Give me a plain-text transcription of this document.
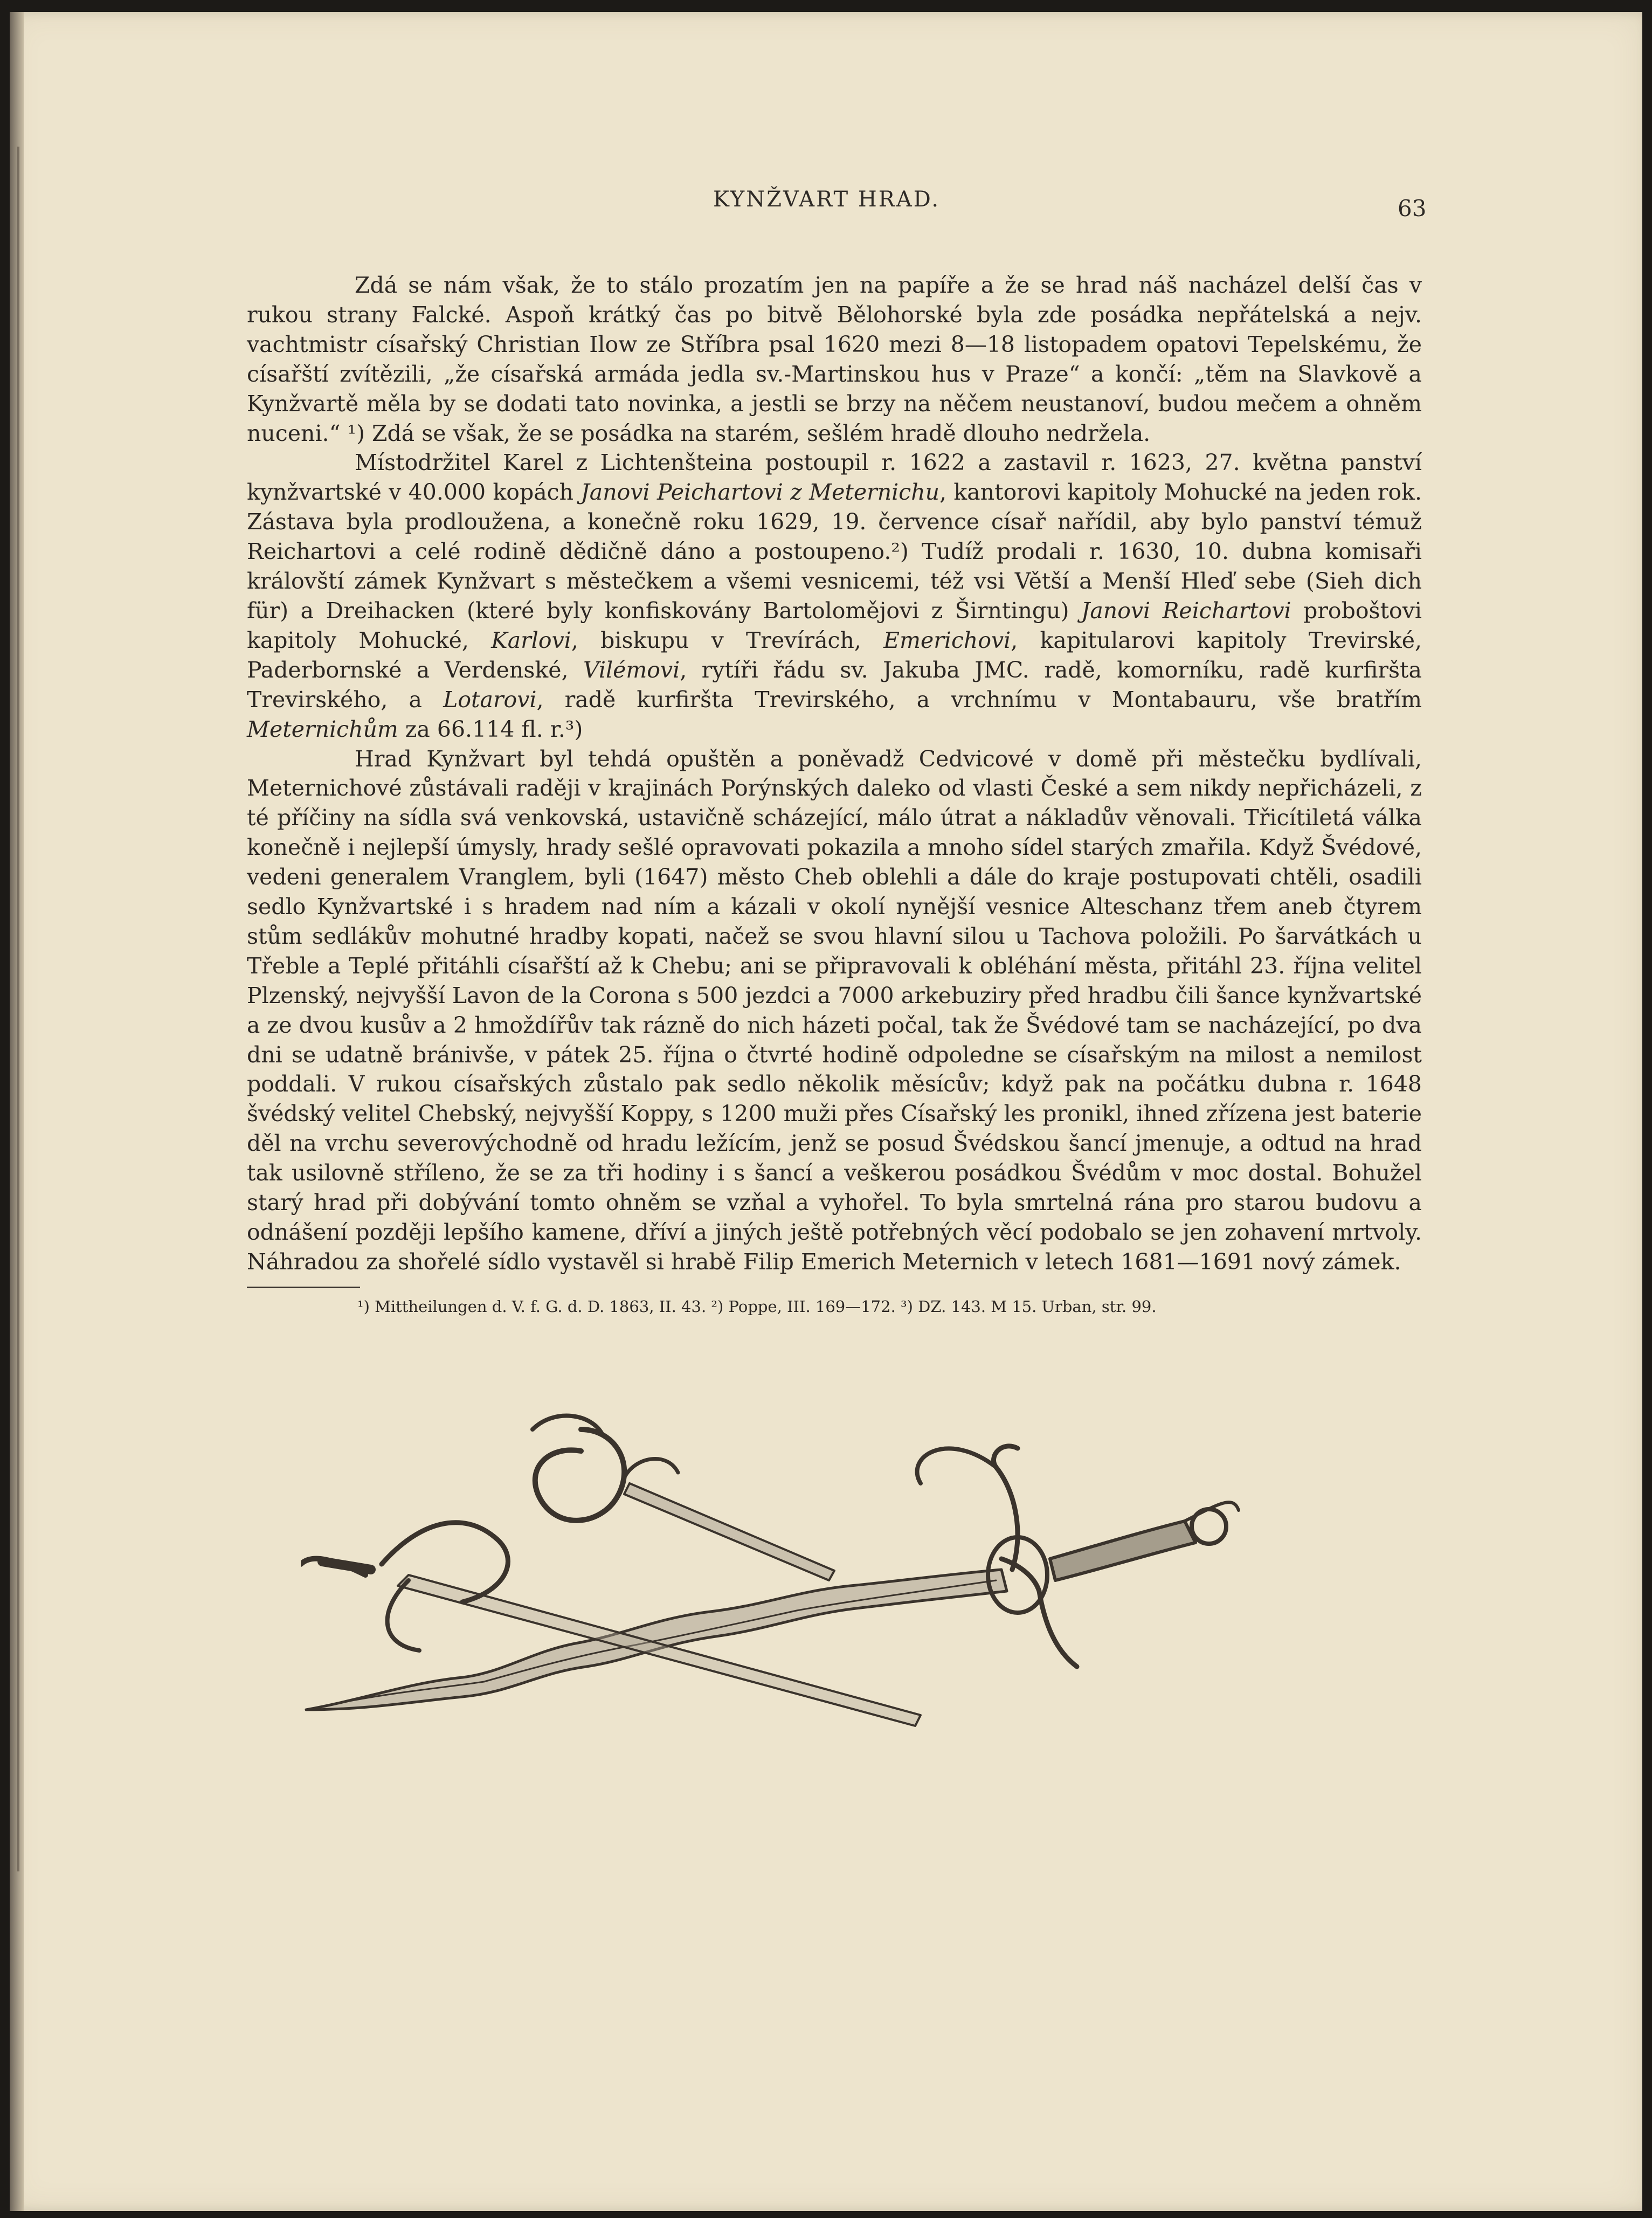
KYNŽVART HRAD.	63

Zdá se nám však, že to stálo prozatím jen na papíře a že se hrad náš nacházel delší čas v rukou strany Falcké. Aspoň krátký čas po bitvě Bělohorské byla zde posádka nepřátelská a nejv. vachtmistr císařský Christian Ilow ze Stříbra psal 1620 mezi 8—18 listopadem opatovi Tepelskému, že císařští zvítězili, „že císařská armáda jedla sv.-Martinskou hus v Praze“ a končí: „těm na Slavkově a Kynžvartě měla by se dodati tato novinka, a jestli se brzy na něčem neustanoví, budou mečem a ohněm nuceni.“ ¹) Zdá se však, že se posádka na starém, sešlém hradě dlouho nedržela.

Místodržitel Karel z Lichtenšteina postoupil r. 1622 a zastavil r. 1623, 27. května panství kynžvartské v 40.000 kopách Janovi Peichartovi z Meternichu, kantorovi kapitoly Mohucké na jeden rok. Zástava byla prodloužena, a konečně roku 1629, 19. července císař nařídil, aby bylo panství témuž Reichartovi a celé rodině dědičně dáno a postoupeno.²) Tudíž prodali r. 1630, 10. dubna komisaři královští zámek Kynžvart s městečkem a všemi vesnicemi, též vsi Větší a Menší Hleď sebe (Sieh dich für) a Dreihacken (které byly konfiskovány Bartolomějovi z Širntingu) Janovi Reichartovi proboštovi kapitoly Mohucké, Karlovi, biskupu v Trevírách, Emerichovi, kapitularovi kapitoly Trevirské, Paderbornské a Verdenské, Vilémovi, rytíři řádu sv. Jakuba JMC. radě, komorníku, radě kurfiršta Trevirského, a Lotarovi, radě kurfiršta Trevirského, a vrchnímu v Montabauru, vše bratřím Meternichům za 66.114 fl. r.³)

Hrad Kynžvart byl tehdá opuštěn a poněvadž Cedvicové v domě při městečku bydlívali, Meternichové zůstávali raději v krajinách Porýnských daleko od vlasti České a sem nikdy nepřicházeli, z té příčiny na sídla svá venkovská, ustavičně scházející, málo útrat a nákladův věnovali. Třicítiletá válka konečně i nejlepší úmysly, hrady sešlé opravovati pokazila a mnoho sídel starých zmařila. Když Švédové, vedeni generalem Vranglem, byli (1647) město Cheb oblehli a dále do kraje postupovati chtěli, osadili sedlo Kynžvartské i s hradem nad ním a kázali v okolí nynější vesnice Alteschanz třem aneb čtyrem stům sedlákův mohutné hradby kopati, načež se svou hlavní silou u Tachova položili. Po šarvátkách u Třeble a Teplé přitáhli císařští až k Chebu; ani se připravovali k obléhání města, přitáhl 23. října velitel Plzenský, nejvyšší Lavon de la Corona s 500 jezdci a 7000 arkebuziry před hradbu čili šance kynžvartské a ze dvou kusův a 2 hmoždířův tak rázně do nich házeti počal, tak že Švédové tam se nacházející, po dva dni se udatně bránivše, v pátek 25. října o čtvrté hodině odpoledne se císařským na milost a nemilost poddali. V rukou císařských zůstalo pak sedlo několik měsícův; když pak na počátku dubna r. 1648 švédský velitel Chebský, nejvyšší Koppy, s 1200 muži přes Císařský les pronikl, ihned zřízena jest baterie děl na vrchu severovýchodně od hradu ležícím, jenž se posud Švédskou šancí jmenuje, a odtud na hrad tak usilovně stříleno, že se za tři hodiny i s šancí a veškerou posádkou Švédům v moc dostal. Bohužel starý hrad při dobývání tomto ohněm se vzňal a vyhořel. To byla smrtelná rána pro starou budovu a odnášení později lepšího kamene, dříví a jiných ještě potřebných věcí podobalo se jen zohavení mrtvoly. Náhradou za shořelé sídlo vystavěl si hrabě Filip Emerich Meternich v letech 1681—1691 nový zámek.

¹) Mittheilungen d. V. f. G. d. D. 1863, II. 43. ²) Poppe, III. 169—172. ³) DZ. 143. M 15. Urban, str. 99.
